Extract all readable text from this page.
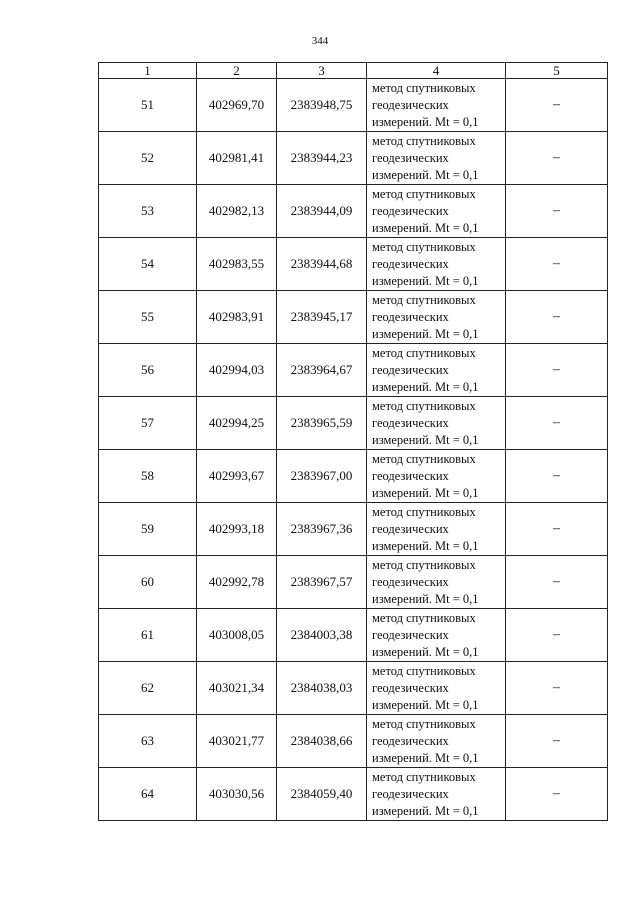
344
1	2	3	4	5
51	402969,70	2383948,75	метод спутниковых
геодезических
измерений. Mt = 0,1	–
52	402981,41	2383944,23	метод спутниковых
геодезических
измерений. Mt = 0,1	–
53	402982,13	2383944,09	метод спутниковых
геодезических
измерений. Mt = 0,1	–
54	402983,55	2383944,68	метод спутниковых
геодезических
измерений. Mt = 0,1	–
55	402983,91	2383945,17	метод спутниковых
геодезических
измерений. Mt = 0,1	–
56	402994,03	2383964,67	метод спутниковых
геодезических
измерений. Mt = 0,1	–
57	402994,25	2383965,59	метод спутниковых
геодезических
измерений. Mt = 0,1	–
58	402993,67	2383967,00	метод спутниковых
геодезических
измерений. Mt = 0,1	–
59	402993,18	2383967,36	метод спутниковых
геодезических
измерений. Mt = 0,1	–
60	402992,78	2383967,57	метод спутниковых
геодезических
измерений. Mt = 0,1	–
61	403008,05	2384003,38	метод спутниковых
геодезических
измерений. Mt = 0,1	–
62	403021,34	2384038,03	метод спутниковых
геодезических
измерений. Mt = 0,1	–
63	403021,77	2384038,66	метод спутниковых
геодезических
измерений. Mt = 0,1	–
64	403030,56	2384059,40	метод спутниковых
геодезических
измерений. Mt = 0,1	–
